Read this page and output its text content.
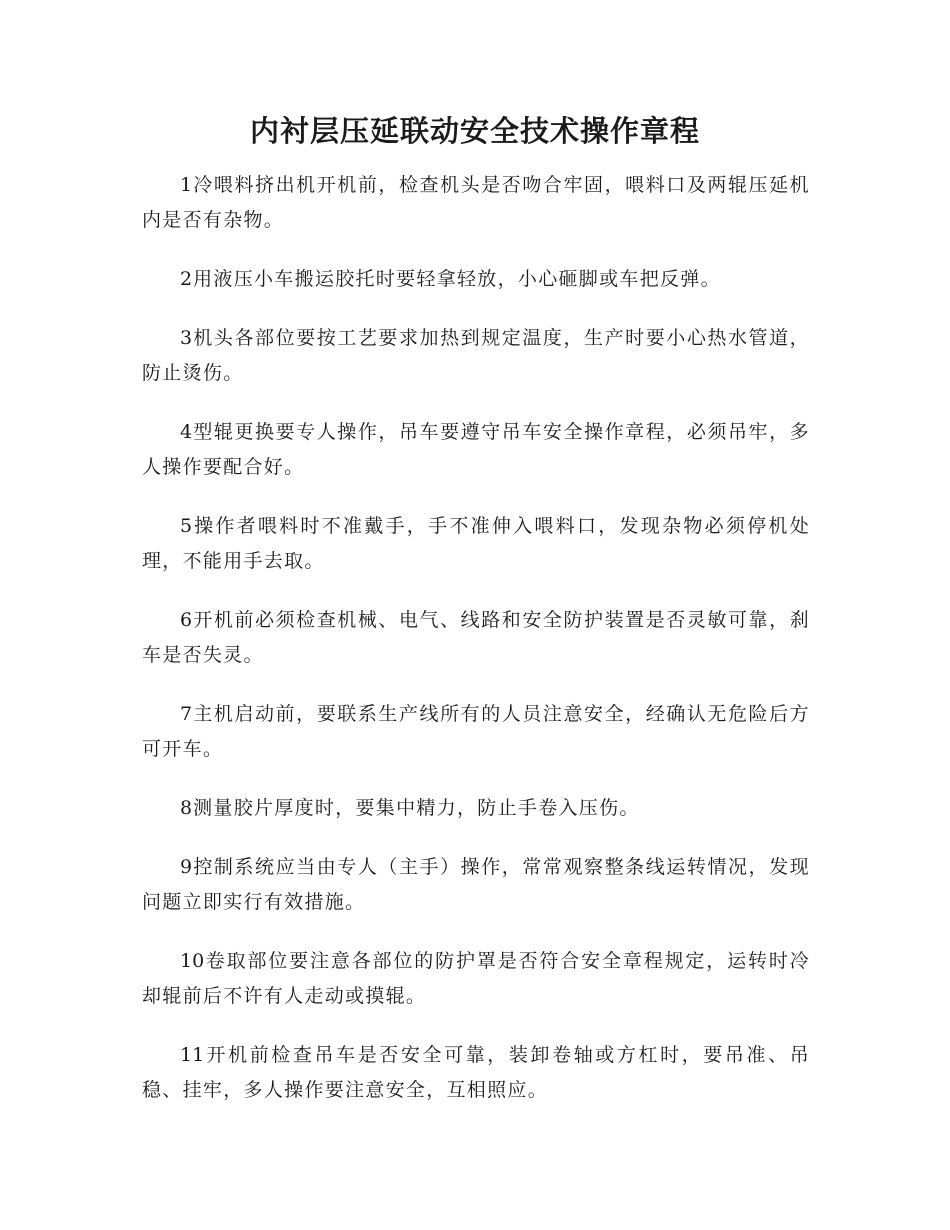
内衬层压延联动安全技术操作章程

1冷喂料挤出机开机前，检查机头是否吻合牢固，喂料口及两辊压延机内是否有杂物。

2用液压小车搬运胶托时要轻拿轻放，小心砸脚或车把反弹。

3机头各部位要按工艺要求加热到规定温度，生产时要小心热水管道，防止烫伤。

4型辊更换要专人操作，吊车要遵守吊车安全操作章程，必须吊牢，多人操作要配合好。

5操作者喂料时不准戴手，手不准伸入喂料口，发现杂物必须停机处理，不能用手去取。

6开机前必须检查机械、电气、线路和安全防护装置是否灵敏可靠，刹车是否失灵。

7主机启动前，要联系生产线所有的人员注意安全，经确认无危险后方可开车。

8测量胶片厚度时，要集中精力，防止手卷入压伤。

9控制系统应当由专人（主手）操作，常常观察整条线运转情况，发现问题立即实行有效措施。

10卷取部位要注意各部位的防护罩是否符合安全章程规定，运转时冷却辊前后不许有人走动或摸辊。

11开机前检查吊车是否安全可靠，装卸卷轴或方杠时，要吊准、吊稳、挂牢，多人操作要注意安全，互相照应。
